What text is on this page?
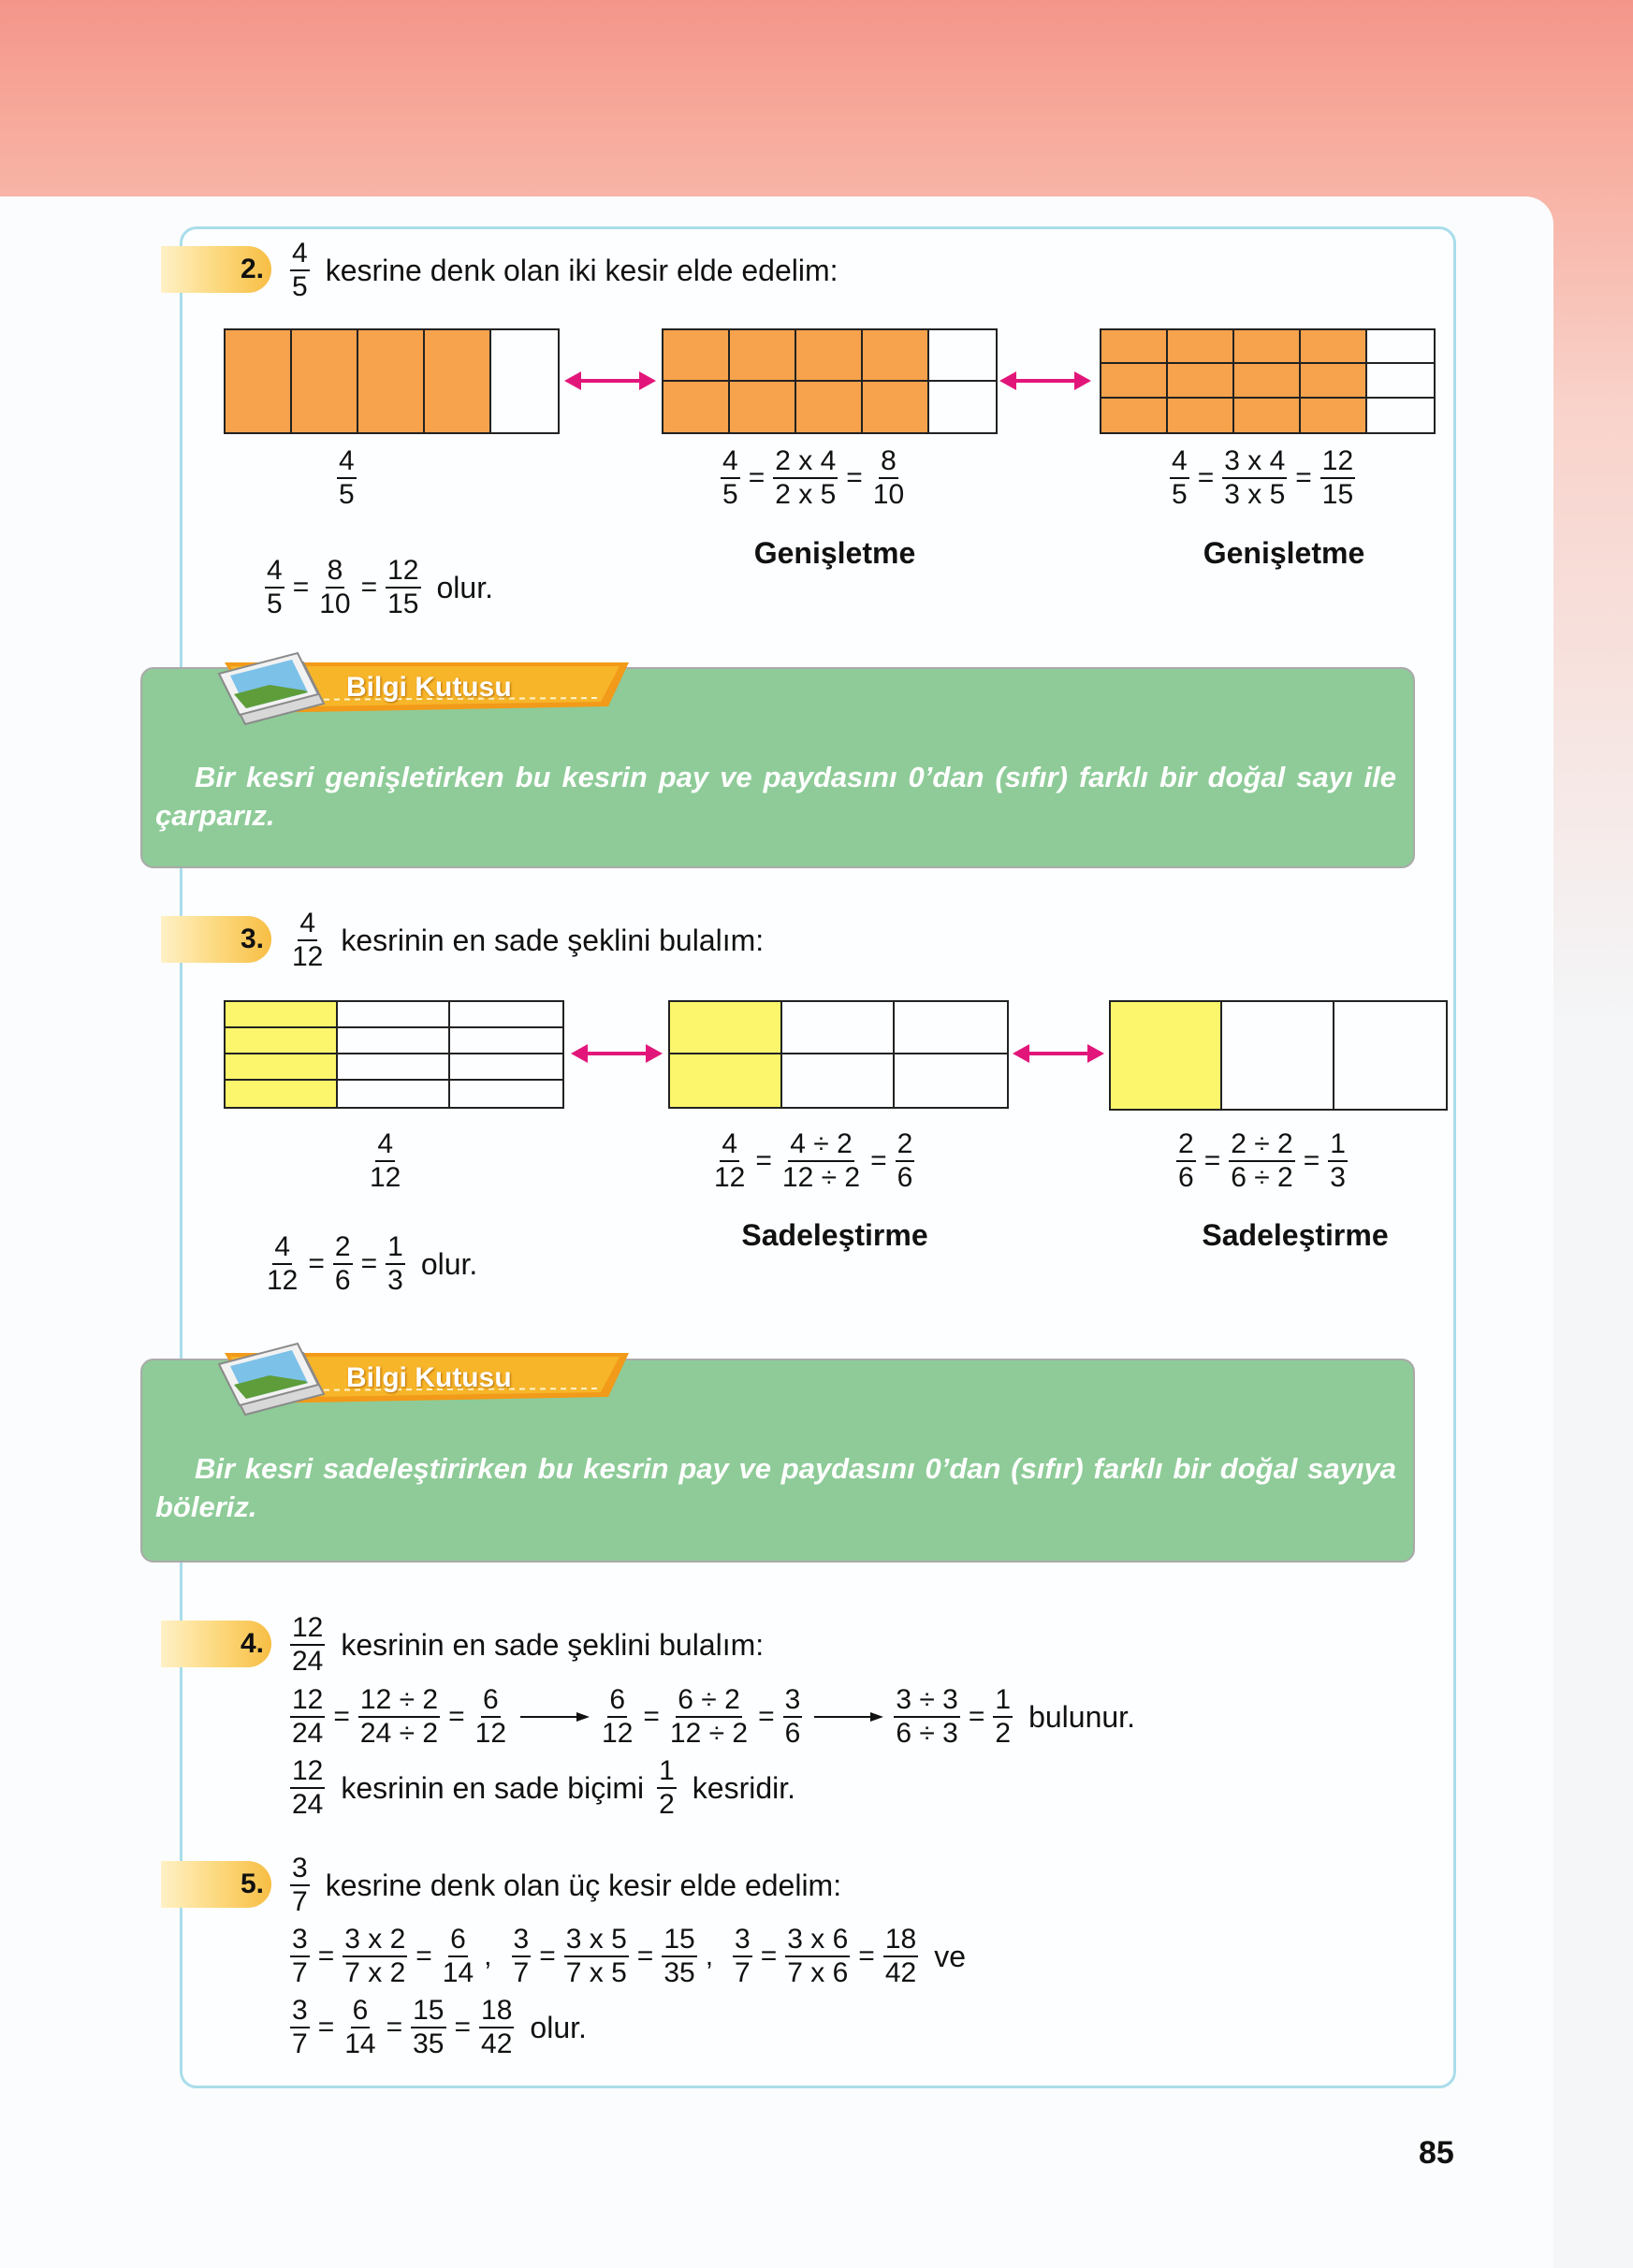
2. $\frac{4}{5}$ kesrine denk olan iki kesir elde edelim:
$\frac{4}{5}$	$\frac{4}{5} = \frac{2 x 4}{2 x 5} = \frac{8}{10}$	$\frac{4}{5} = \frac{3 x 4}{3 x 5} = \frac{12}{15}$
Genişletme	Genişletme
$\frac{4}{5} = \frac{8}{10} = \frac{12}{15}$ olur.
Bir kesri genişletirken bu kesrin pay ve paydasını 0’dan (sıfır) farklı bir doğal sayı ile çarparız.
Bilgi Kutusu
3. $\frac{4}{12}$ kesrinin en sade şeklini bulalım:
$\frac{4}{12}$	$\frac{4}{12} = \frac{4 \div 2}{12 \div 2} = \frac{2}{6}$	$\frac{2}{6} = \frac{2 \div 2}{6 \div 2} = \frac{1}{3}$
Sadeleştirme	Sadeleştirme
$\frac{4}{12} = \frac{2}{6} = \frac{1}{3}$ olur.
Bir kesri sadeleştirirken bu kesrin pay ve paydasını 0’dan (sıfır) farklı bir doğal sayıya böleriz.
Bilgi Kutusu
4. $\frac{12}{24}$ kesrinin en sade şeklini bulalım:
$\frac{12}{24} = \frac{12 \div 2}{24 \div 2} = \frac{6}{12}$	$\frac{6}{12} = \frac{6 \div 2}{12 \div 2} = \frac{3}{6}$	$\frac{3 \div 3}{6 \div 3} = \frac{1}{2}$ bulunur.
$\frac{12}{24}$ kesrinin en sade biçimi $\frac{1}{2}$ kesridir.
5. $\frac{3}{7}$ kesrine denk olan üç kesir elde edelim:
$\frac{3}{7} = \frac{3 x 2}{7 x 2} = \frac{6}{14}$ , $\frac{3}{7} = \frac{3 x 5}{7 x 5} = \frac{15}{35}$ , $\frac{3}{7} = \frac{3 x 6}{7 x 6} = \frac{18}{42}$ ve
$\frac{3}{7} = \frac{6}{14} = \frac{15}{35} = \frac{18}{42}$ olur.
85
